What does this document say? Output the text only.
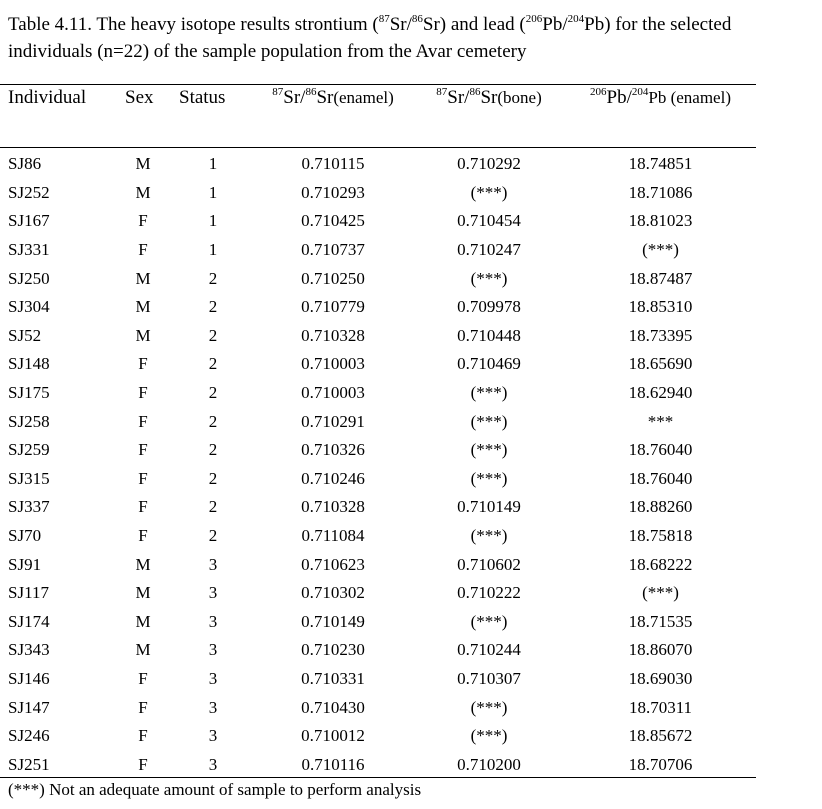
Table 4.11. The heavy isotope results strontium ($^{87}$Sr/$^{86}$Sr) and lead ($^{206}$Pb/$^{204}$Pb) for the selected individuals (n=22) of the sample population from the Avar cemetery

Individual	Sex	Status	$^{87}$Sr/$^{86}$Sr(enamel)	$^{87}$Sr/$^{86}$Sr(bone)	$^{206}$Pb/$^{204}$Pb (enamel)
SJ86	M	1	0.710115	0.710292	18.74851
SJ252	M	1	0.710293	(***)	18.71086
SJ167	F	1	0.710425	0.710454	18.81023
SJ331	F	1	0.710737	0.710247	(***)
SJ250	M	2	0.710250	(***)	18.87487
SJ304	M	2	0.710779	0.709978	18.85310
SJ52	M	2	0.710328	0.710448	18.73395
SJ148	F	2	0.710003	0.710469	18.65690
SJ175	F	2	0.710003	(***)	18.62940
SJ258	F	2	0.710291	(***)	***
SJ259	F	2	0.710326	(***)	18.76040
SJ315	F	2	0.710246	(***)	18.76040
SJ337	F	2	0.710328	0.710149	18.88260
SJ70	F	2	0.711084	(***)	18.75818
SJ91	M	3	0.710623	0.710602	18.68222
SJ117	M	3	0.710302	0.710222	(***)
SJ174	M	3	0.710149	(***)	18.71535
SJ343	M	3	0.710230	0.710244	18.86070
SJ146	F	3	0.710331	0.710307	18.69030
SJ147	F	3	0.710430	(***)	18.70311
SJ246	F	3	0.710012	(***)	18.85672
SJ251	F	3	0.710116	0.710200	18.70706

(***) Not an adequate amount of sample to perform analysis
